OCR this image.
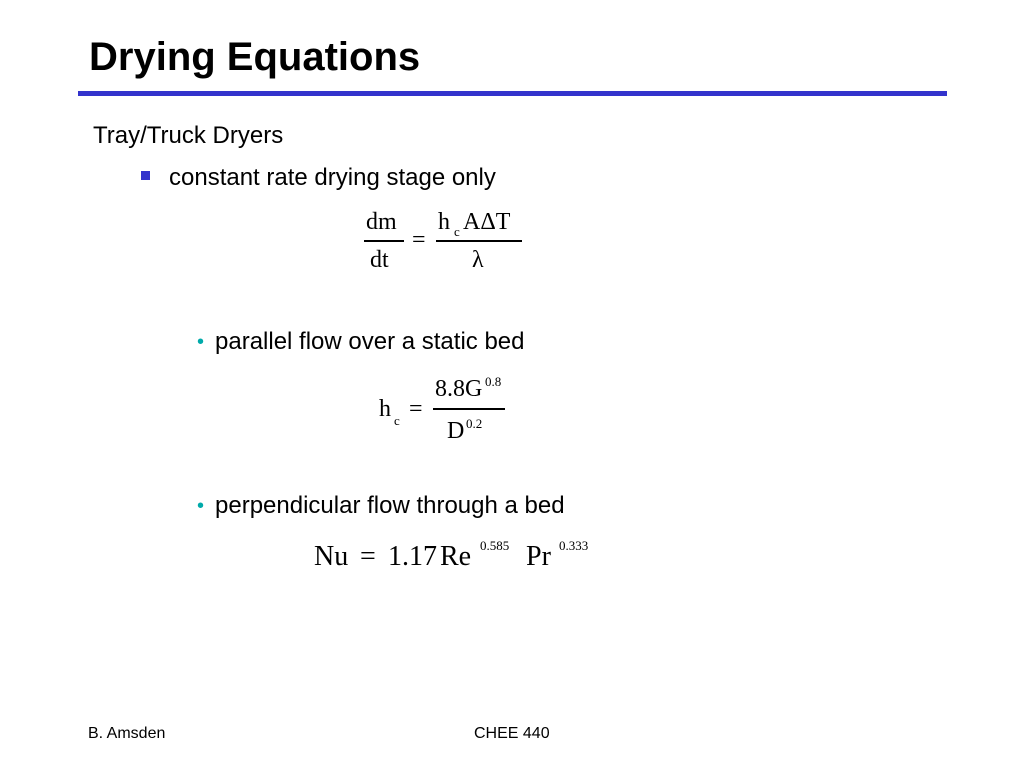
Drying Equations
Tray/Truck Dryers
constant rate drying stage only
dm
dt
=
h c AΔT
λ
• parallel flow over a static bed
h c =
8.8G 0.8
D 0.2
• perpendicular flow through a bed
Nu = 1.17 Re 0.585 Pr 0.333
B. Amsden	CHEE 440
